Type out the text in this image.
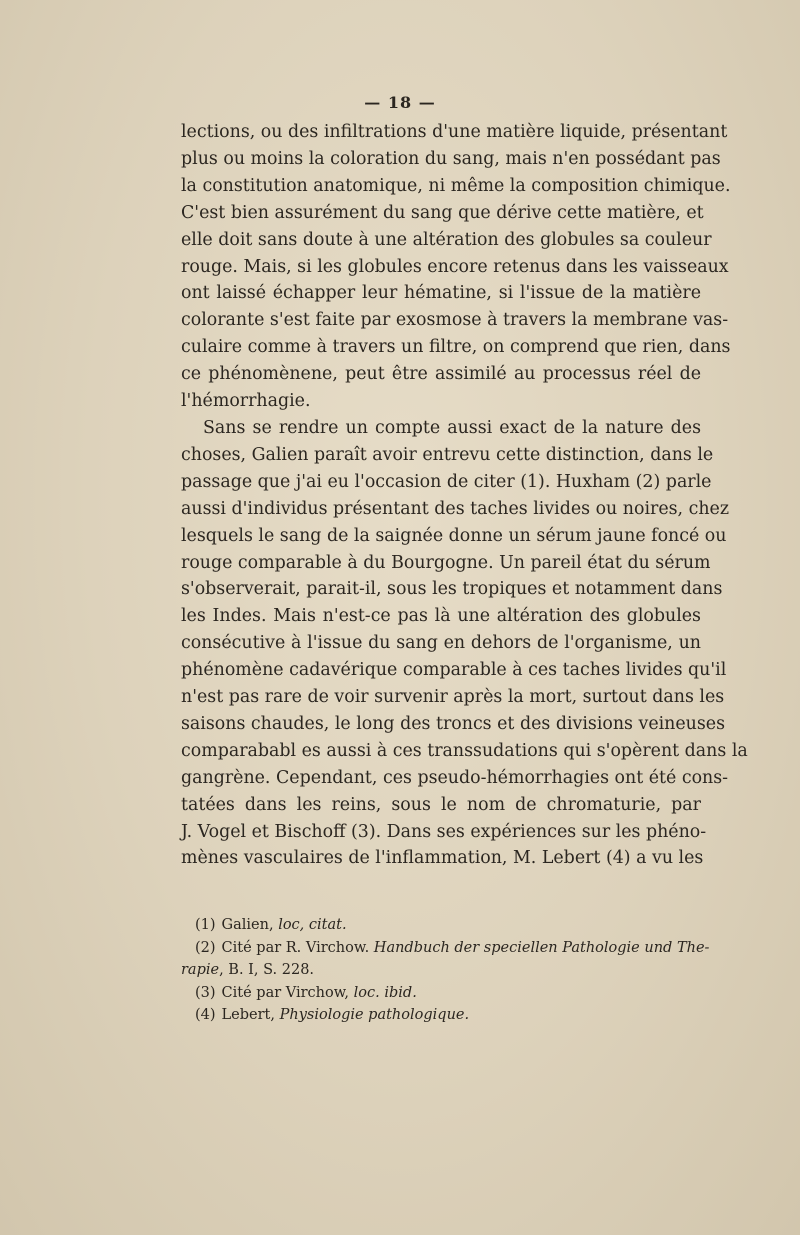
— 18 —
lections, ou des infiltrations d'une matière liquide, présentant
plus ou moins la coloration du sang, mais n'en possédant pas
la constitution anatomique, ni même la composition chimique.
C'est bien assurément du sang que dérive cette matière, et
elle doit sans doute à une altération des globules sa couleur
rouge. Mais, si les globules encore retenus dans les vaisseaux
ont laissé échapper leur hématine, si l'issue de la matière
colorante s'est faite par exosmose à travers la membrane vas-
culaire comme à travers un filtre, on comprend que rien, dans
ce phénomènene, peut être assimilé au processus réel de
l'hémorrhagie.
Sans se rendre un compte aussi exact de la nature des
choses, Galien paraît avoir entrevu cette distinction, dans le
passage que j'ai eu l'occasion de citer (1). Huxham (2) parle
aussi d'individus présentant des taches livides ou noires, chez
lesquels le sang de la saignée donne un sérum jaune foncé ou
rouge comparable à du Bourgogne. Un pareil état du sérum
s'observerait, parait-il, sous les tropiques et notamment dans
les Indes. Mais n'est-ce pas là une altération des globules
consécutive à l'issue du sang en dehors de l'organisme, un
phénomène cadavérique comparable à ces taches livides qu'il
n'est pas rare de voir survenir après la mort, surtout dans les
saisons chaudes, le long des troncs et des divisions veineuses
comparababl es aussi à ces transsudations qui s'opèrent dans la
gangrène. Cependant, ces pseudo-hémorrhagies ont été cons-
tatées dans les reins, sous le nom de chromaturie, par
J. Vogel et Bischoff (3). Dans ses expériences sur les phéno-
mènes vasculaires de l'inflammation, M. Lebert (4) a vu les
(1) Galien, loc, citat.
(2) Cité par R. Virchow. Handbuch der speciellen Pathologie und The-
rapie, B. I, S. 228.
(3) Cité par Virchow, loc. ibid.
(4) Lebert, Physiologie pathologique.
